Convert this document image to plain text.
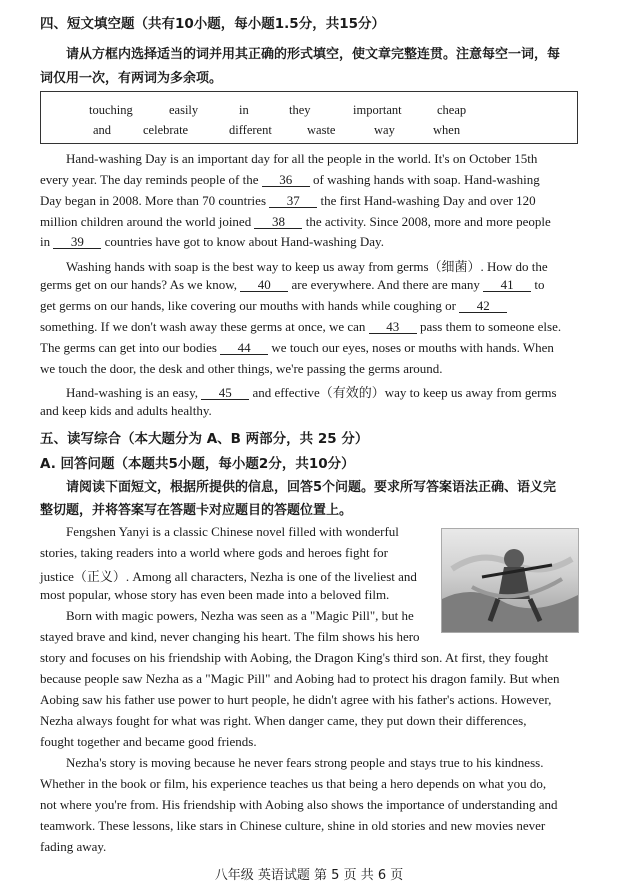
四、短文填空题（共有10小题，每小题1.5分，共15分）
请从方框内选择适当的词并用其正确的形式填空，使文章完整连贯。注意每空一词，每
词仅用一次，有两词为多余项。
touching	easily	in	they	important	cheap
and	celebrate	different	waste	way	when
Hand-washing Day is an important day for all the people in the world. It's on October 15th
every year. The day reminds people of the 36 of washing hands with soap. Hand-washing
Day began in 2008. More than 70 countries 37 the first Hand-washing Day and over 120
million children around the world joined 38 the activity. Since 2008, more and more people
in 39 countries have got to know about Hand-washing Day.
Washing hands with soap is the best way to keep us away from germs（细菌）. How do the
germs get on our hands? As we know, 40 are everywhere. And there are many 41 to
get germs on our hands, like covering our mouths with hands while coughing or 42
something. If we don't wash away these germs at once, we can 43 pass them to someone else.
The germs can get into our bodies 44 we touch our eyes, noses or mouths with hands. When
we touch the door, the desk and other things, we're passing the germs around.
Hand-washing is an easy, 45 and effective（有效的）way to keep us away from germs
and keep kids and adults healthy.
五、读写综合（本大题分为 A、B 两部分，共 25 分）
A. 回答问题（本题共5小题，每小题2分，共10分）
请阅读下面短文，根据所提供的信息，回答5个问题。要求所写答案语法正确、语义完
整切题，并将答案写在答题卡对应题目的答题位置上。
Fengshen Yanyi is a classic Chinese novel filled with wonderful
stories, taking readers into a world where gods and heroes fight for
justice（正义）. Among all characters, Nezha is one of the liveliest and
most popular, whose story has even been made into a beloved film.
Born with magic powers, Nezha was seen as a "Magic Pill", but he
stayed brave and kind, never changing his heart. The film shows his hero
story and focuses on his friendship with Aobing, the Dragon King's third son. At first, they fought
because people saw Nezha as a "Magic Pill" and Aobing had to protect his dragon family. But when
Aobing saw his father use power to hurt people, he didn't agree with his father's actions. However,
Nezha always fought for what was right. When danger came, they put down their differences,
fought together and became good friends.
Nezha's story is moving because he never fears strong people and stays true to his kindness.
Whether in the book or film, his experience teaches us that being a hero depends on what you do,
not where you're from. His friendship with Aobing also shows the importance of understanding and
teamwork. These lessons, like stars in Chinese culture, shine in old stories and new movies never
fading away.
八年级 英语试题 第 5 页 共 6 页
